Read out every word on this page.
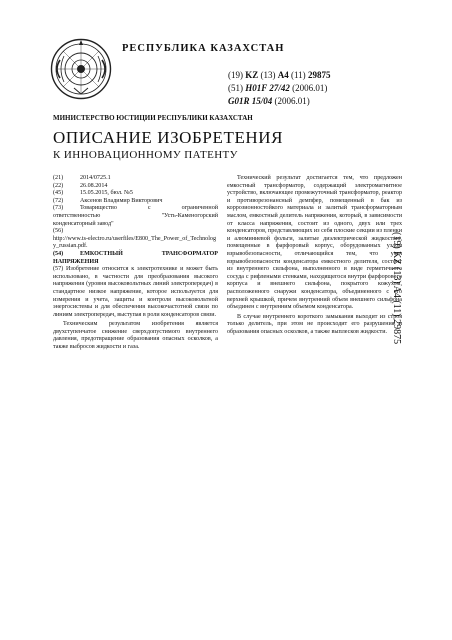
РЕСПУБЛИКА КАЗАХСТАН
(19) KZ (13) A4 (11) 29875
(51) H01F 27/42 (2006.01)
G01R 15/04 (2006.01)
МИНИСТЕРСТВО ЮСТИЦИИ РЕСПУБЛИКИ КАЗАХСТАН
ОПИСАНИЕ ИЗОБРЕТЕНИЯ
К ИННОВАЦИОННОМУ ПАТЕНТУ
(21)	2014/0725.1
(22)	26.08.2014
(45)	15.05.2015, бюл. №5
(72)	Аксенов Владимир Викторович
(73)	Товарищество	с	ограниченной
ответственностью	"Усть-Каменогорский
конденсаторный завод"
(56)
http://www.ts-electro.ru/userfiles/E800_The_Power_of_Technology_russian.pdf.
(54)	ЕМКОСТНЫЙ	ТРАНСФОРМАТОР
НАПРЯЖЕНИЯ
(57) Изобретение относится к электротехнике и может быть использовано, в частности для преобразования высокого напряжения (уровня высоковольтных линий электропередач) в стандартное низкое напряжение, которое используется для измерения и учета, защиты и контроля высоковольтной энергосистемы и для обеспечения высокочастотной связи по линиям электропередач, выступая в роли конденсаторов связи.
Техническим результатом изобретения является двухступенчатое снижение сверхдопустимого внутреннего давления, предотвращение образования опасных осколков, а также выбросов жидкости и газа.
Технический результат достигается тем, что предложен емкостный трансформатор, содержащий электромагнитное устройство, включающее промежуточный трансформатор, реактор и противорезонансный демпфер, помещенный в бак из коррозионностойкого материала и залитый трансформаторным маслом, емкостный делитель напряжения, который, в зависимости от класса напряжения, состоит из одного, двух или трех конденсаторов, представляющих из себя плоские секции из пленки и алюминиевой фольги, залитые диэлектрической жидкостью, помещенные в фарфоровый корпус, оборудованных узлом взрывобезопасности, отличающийся тем, что узел взрывобезопасности конденсатора емкостного делителя, состоит из внутреннего сильфона, выполненного в виде герметичного сосуда с рифлеными стенками, находящегося внутри фарфорового корпуса и внешнего сильфона, покрытого кожухом, расположенного снаружи конденсатора, объединенного с его верхней крышкой, причем внутренний объем внешнего сильфона объединен с внутренним объемом конденсатора.
В случае внутреннего короткого замыкания выходит из строя только делитель, при этом не происходит его разрушения и образования опасных осколков, а также выплесков жидкости. (19) KZ (13) A4 (11) 29875
